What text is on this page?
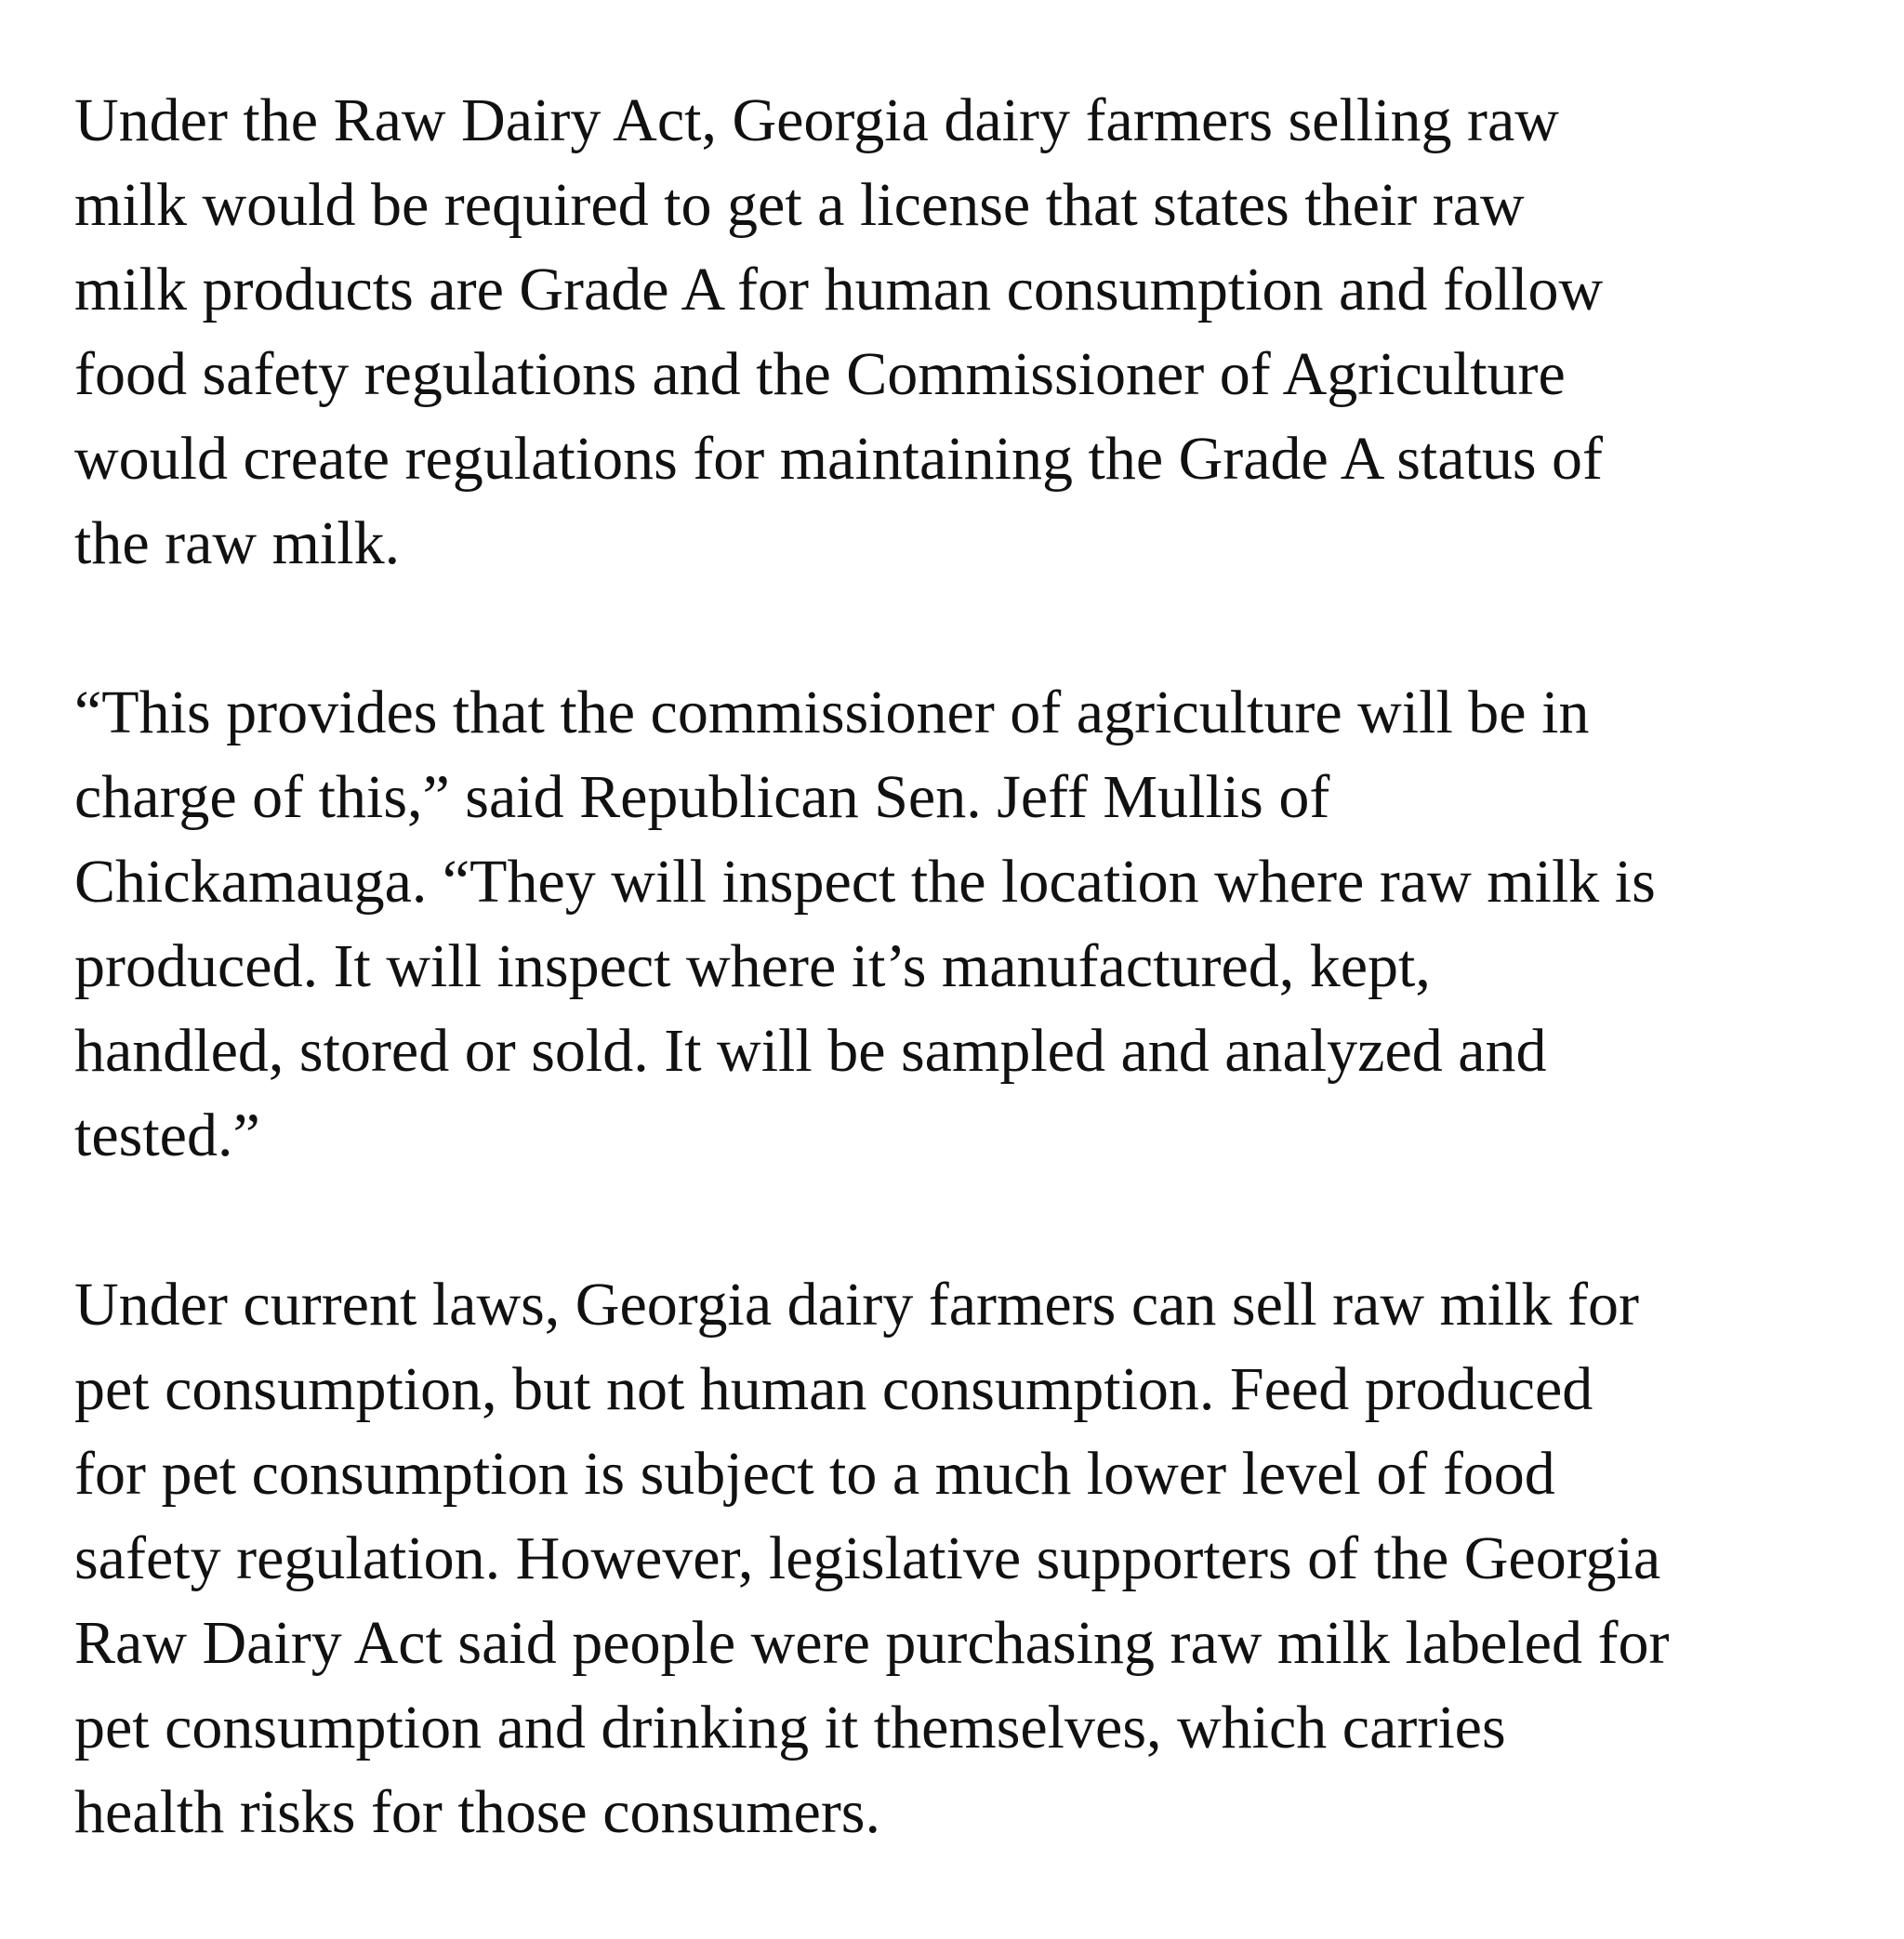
Under the Raw Dairy Act, Georgia dairy farmers selling raw
milk would be required to get a license that states their raw
milk products are Grade A for human consumption and follow
food safety regulations and the Commissioner of Agriculture
would create regulations for maintaining the Grade A status of
the raw milk.

“This provides that the commissioner of agriculture will be in
charge of this,” said Republican Sen. Jeff Mullis of
Chickamauga. “They will inspect the location where raw milk is
produced. It will inspect where it’s manufactured, kept,
handled, stored or sold. It will be sampled and analyzed and
tested.”

Under current laws, Georgia dairy farmers can sell raw milk for
pet consumption, but not human consumption. Feed produced
for pet consumption is subject to a much lower level of food
safety regulation. However, legislative supporters of the Georgia
Raw Dairy Act said people were purchasing raw milk labeled for
pet consumption and drinking it themselves, which carries
health risks for those consumers.
